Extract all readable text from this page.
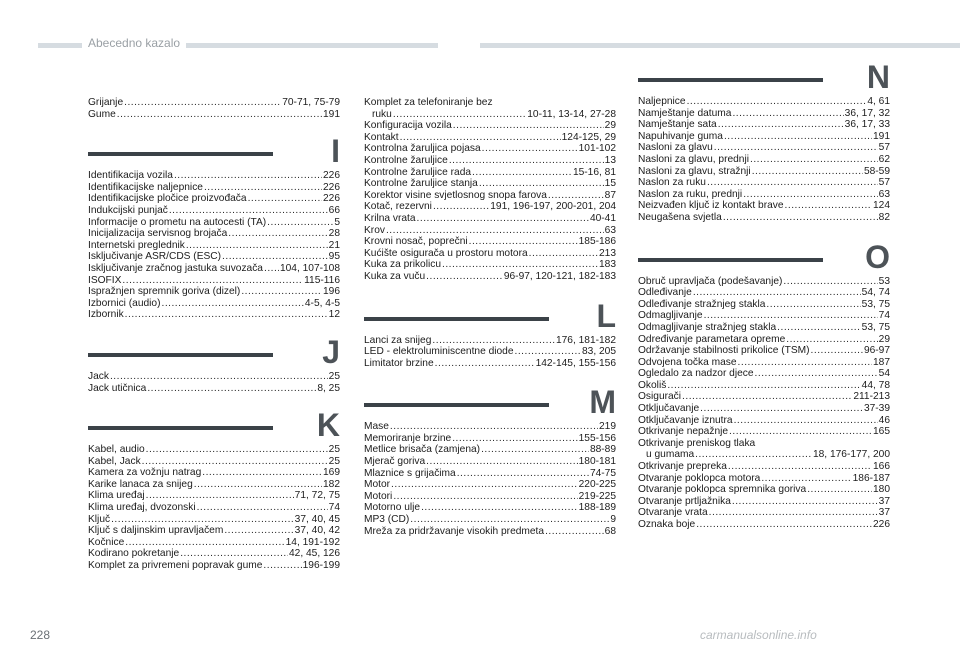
Abecedno kazalo
Grijanje .....	70-71, 75-79
Gume .....	191
I
Identifikacija vozila .....	226
Identifikacijske naljepnice .....	226
Identifikacijske pločice proizvođača .....	226
Indukcijski punjač .....	66
Informacije o prometu na autocesti (TA) .....	5
Inicijalizacija servisnog brojača .....	28
Internetski preglednik .....	21
Isključivanje ASR/CDS (ESC) .....	95
Isključivanje zračnog jastuka suvozača ..... 104, 107-108
ISOFIX .....	115-116
Ispražnjen spremnik goriva (dizel) .....	196
Izbornici (audio) .....	4-5, 4-5
Izbornik .....	12
J
Jack .....	25
Jack utičnica .....	8, 25
K
Kabel, audio .....	25
Kabel, Jack .....	25
Kamera za vožnju natrag .....	169
Karike lanaca za snijeg .....	182
Klima uređaj .....	71, 72, 75
Klima uređaj, dvozonski .....	74
Ključ .....	37, 40, 45
Ključ s daljinskim upravljačem .....	37, 40, 42
Kočnice .....	14, 191-192
Kodirano pokretanje .....	42, 45, 126
Komplet za privremeni popravak gume .....	196-199
Komplet za telefoniranje bez
ruku .....	10-11, 13-14, 27-28
Konfiguracija vozila .....	29
Kontakt .....	124-125, 29
Kontrolna žaruljica pojasa .....	101-102
Kontrolne žaruljice .....	13
Kontrolne žaruljice rada .....	15-16, 81
Kontrolne žaruljice stanja .....	15
Korektor visine svjetlosnog snopa farova .....	87
Kotač, rezervni .....	191, 196-197, 200-201, 204
Krilna vrata .....	40-41
Krov .....	63
Krovni nosač, poprečni .....	185-186
Kućište osigurača u prostoru motora .....	213
Kuka za prikolicu .....	183
Kuka za vuču .....	96-97, 120-121, 182-183
L
Lanci za snijeg .....	176, 181-182
LED - elektroluminiscentne diode .....	83, 205
Limitator brzine .....	142-145, 155-156
M
Mase .....	219
Memoriranje brzine .....	155-156
Metlice brisača (zamjena) .....	88-89
Mjerač goriva .....	180-181
Mlaznice s grijačima .....	74-75
Motor .....	220-225
Motori .....	219-225
Motorno ulje .....	188-189
MP3 (CD) .....	9
Mreža za pridržavanje visokih predmeta .....	68
N
Naljepnice .....	4, 61
Namještanje datuma .....	36, 17, 32
Namještanje sata .....	36, 17, 33
Napuhivanje guma .....	191
Nasloni za glavu .....	57
Nasloni za glavu, prednji .....	62
Nasloni za glavu, stražnji .....	58-59
Naslon za ruku .....	57
Naslon za ruku, prednji .....	63
Neizvađen ključ iz kontakt brave .....	124
Neugašena svjetla .....	82
O
Obruč upravljača (podešavanje) .....	53
Odleđivanje .....	54, 74
Odleđivanje stražnjeg stakla .....	53, 75
Odmagljivanje .....	74
Odmagljivanje stražnjeg stakla .....	53, 75
Određivanje parametara opreme .....	29
Održavanje stabilnosti prikolice (TSM) .....	96-97
Odvojena točka mase .....	187
Ogledalo za nadzor djece .....	54
Okoliš .....	44, 78
Osigurači .....	211-213
Otključavanje .....	37-39
Otključavanje iznutra .....	46
Otkrivanje nepažnje .....	165
Otkrivanje preniskog tlaka
u gumama .....	18, 176-177, 200
Otkrivanje prepreka .....	166
Otvaranje poklopca motora .....	186-187
Otvaranje poklopca spremnika goriva .....	180
Otvaranje prtljažnika .....	37
Otvaranje vrata .....	37
Oznaka boje .....	226
228	carmanualsonline.info
